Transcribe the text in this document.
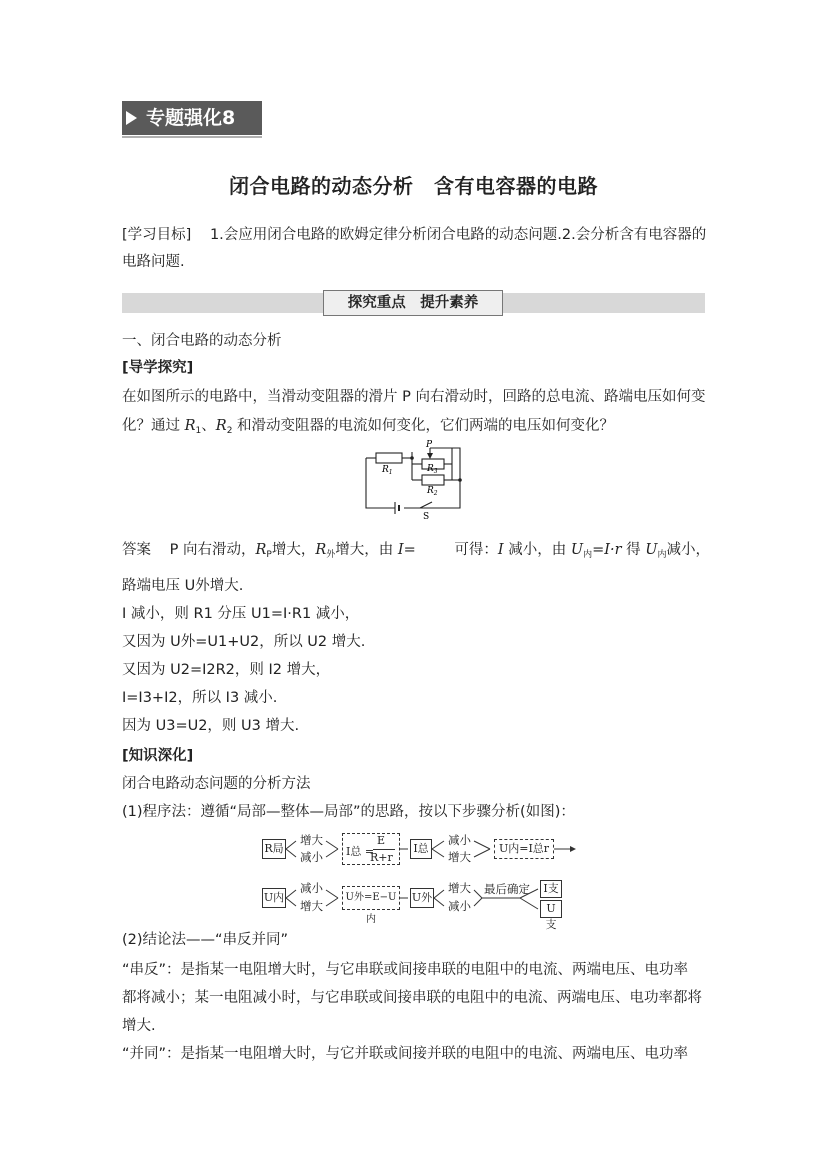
专题强化8
闭合电路的动态分析　含有电容器的电路
[学习目标] 1.会应用闭合电路的欧姆定律分析闭合电路的动态问题.2.会分析含有电容器的
电路问题.
探究重点　提升素养
一、闭合电路的动态分析
[导学探究]
在如图所示的电路中，当滑动变阻器的滑片 P 向右滑动时，回路的总电流、路端电压如何变
化？通过 $R_1$、$R_2$ 和滑动变阻器的电流如何变化，它们两端的电压如何变化？
$R_1$
P
$R_3$
$R_2$
S
答案 P 向右滑动，$R_P$增大，$R_外$增大，由 I=	可得：I 减小，由 $U_内=I\cdot r$ 得 $U_内$减小，
路端电压 U外增大.
I 减小，则 R1 分压 U1=I·R1 减小，
又因为 U外=U1+U2，所以 U2 增大.
又因为 U2=I2R2，则 I2 增大，
I=I3+I2，所以 I3 减小.
因为 U3=U2，则 U3 增大.
[知识深化]
闭合电路动态问题的分析方法
(1)程序法：遵循“局部—整体—局部”的思路，按以下步骤分析(如图)：
R局
增大
减小 I总 =
E
R+r
I总
减小
增大
U内=I总r
U内
减小
增大
U外=E−U内
U外
增大
减小
最后确定	I支
U支
(2)结论法——“串反并同”
“串反”：是指某一电阻增大时，与它串联或间接串联的电阻中的电流、两端电压、电功率
都将减小；某一电阻减小时，与它串联或间接串联的电阻中的电流、两端电压、电功率都将
增大.
“并同”：是指某一电阻增大时，与它并联或间接并联的电阻中的电流、两端电压、电功率
